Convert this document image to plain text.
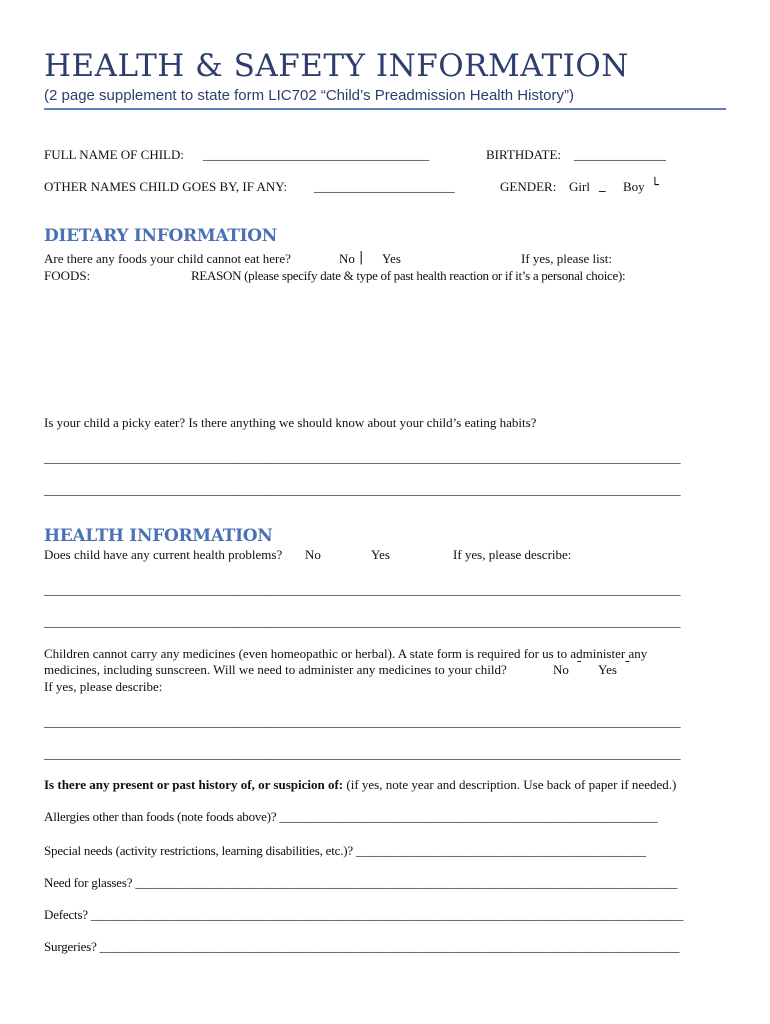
HEALTH & SAFETY INFORMATION
(2 page supplement to state form LIC702 “Child’s Preadmission Health History”)
FULL NAME OF CHILD: _____________________________________	BIRTHDATE: _______________
OTHER NAMES CHILD GOES BY, IF ANY: _______________________	GENDER: Girl _ Boy └
DIETARY INFORMATION
Are there any foods your child cannot eat here?	No | Yes	If yes, please list:
FOODS:	REASON (please specify date & type of past health reaction or if it’s a personal choice):
Is your child a picky eater? Is there anything we should know about your child’s eating habits?
_____________________________________________________________________________________________________
_____________________________________________________________________________________________________
HEALTH INFORMATION
Does child have any current health problems? No	Yes	If yes, please describe:
_____________________________________________________________________________________________________
_____________________________________________________________________________________________________
Children cannot carry any medicines (even homeopathic or herbal). A state form is required for us to administer any
medicines, including sunscreen. Will we need to administer any medicines to your child?	No ¯ Yes ¯
If yes, please describe:
_____________________________________________________________________________________________________
_____________________________________________________________________________________________________
Is there any present or past history of, or suspicion of: (if yes, note year and description. Use back of paper if needed.)
Allergies other than foods (note foods above)? ____________________________________________________________
Special needs (activity restrictions, learning disabilities, etc.)? ______________________________________________
Need for glasses? ______________________________________________________________________________________
Defects? ______________________________________________________________________________________________
Surgeries? ____________________________________________________________________________________________
